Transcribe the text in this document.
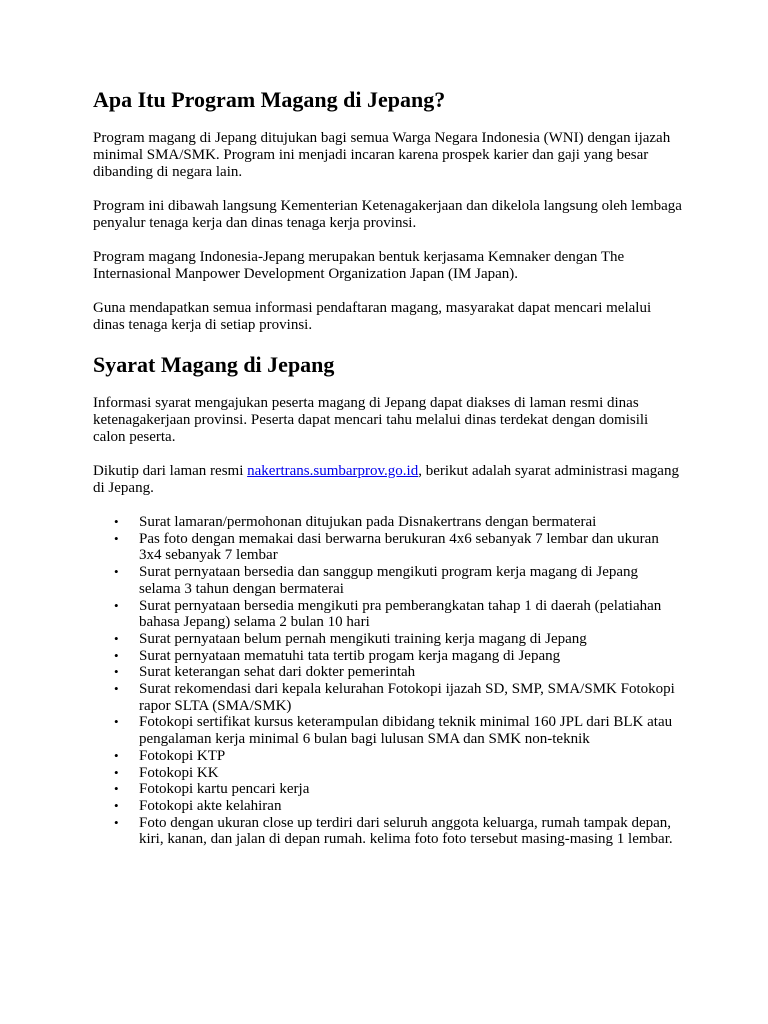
Apa Itu Program Magang di Jepang?

Program magang di Jepang ditujukan bagi semua Warga Negara Indonesia (WNI) dengan ijazah minimal SMA/SMK. Program ini menjadi incaran karena prospek karier dan gaji yang besar dibanding di negara lain.

Program ini dibawah langsung Kementerian Ketenagakerjaan dan dikelola langsung oleh lembaga penyalur tenaga kerja dan dinas tenaga kerja provinsi.

Program magang Indonesia-Jepang merupakan bentuk kerjasama Kemnaker dengan The Internasional Manpower Development Organization Japan (IM Japan).

Guna mendapatkan semua informasi pendaftaran magang, masyarakat dapat mencari melalui dinas tenaga kerja di setiap provinsi.

Syarat Magang di Jepang

Informasi syarat mengajukan peserta magang di Jepang dapat diakses di laman resmi dinas ketenagakerjaan provinsi. Peserta dapat mencari tahu melalui dinas terdekat dengan domisili calon peserta.

Dikutip dari laman resmi nakertrans.sumbarprov.go.id, berikut adalah syarat administrasi magang di Jepang.

• Surat lamaran/permohonan ditujukan pada Disnakertrans dengan bermaterai
• Pas foto dengan memakai dasi berwarna berukuran 4x6 sebanyak 7 lembar dan ukuran 3x4 sebanyak 7 lembar
• Surat pernyataan bersedia dan sanggup mengikuti program kerja magang di Jepang selama 3 tahun dengan bermaterai
• Surat pernyataan bersedia mengikuti pra pemberangkatan tahap 1 di daerah (pelatiahan bahasa Jepang) selama 2 bulan 10 hari
• Surat pernyataan belum pernah mengikuti training kerja magang di Jepang
• Surat pernyataan mematuhi tata tertib progam kerja magang di Jepang
• Surat keterangan sehat dari dokter pemerintah
• Surat rekomendasi dari kepala kelurahan Fotokopi ijazah SD, SMP, SMA/SMK Fotokopi rapor SLTA (SMA/SMK)
• Fotokopi sertifikat kursus keterampulan dibidang teknik minimal 160 JPL dari BLK atau pengalaman kerja minimal 6 bulan bagi lulusan SMA dan SMK non-teknik
• Fotokopi KTP
• Fotokopi KK
• Fotokopi kartu pencari kerja
• Fotokopi akte kelahiran
• Foto dengan ukuran close up terdiri dari seluruh anggota keluarga, rumah tampak depan, kiri, kanan, dan jalan di depan rumah. kelima foto foto tersebut masing-masing 1 lembar.
